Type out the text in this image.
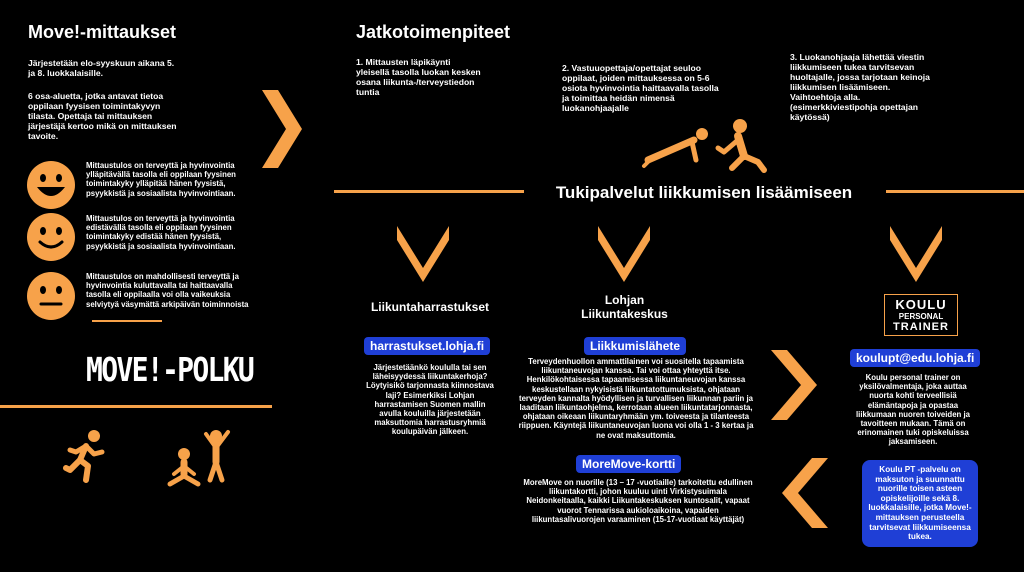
Move!-mittaukset
Järjestetään elo-syyskuun aikana 5. ja 8. luokkalaisille.
6 osa-aluetta, jotka antavat tietoa oppilaan fyysisen toimintakyvyn tilasta. Opettaja tai mittauksen järjestäjä kertoo mikä on mittauksen tavoite.
Mittaustulos on terveyttä ja hyvinvointia ylläpitävällä tasolla eli oppilaan fyysinen toimintakyky ylläpitää hänen fyysistä, psyykkistä ja sosiaalista hyvinvointiaan.
Mittaustulos on terveyttä ja hyvinvointia edistävällä tasolla eli oppilaan fyysinen toimintakyky edistää hänen fyysistä, psyykkistä ja sosiaalista hyvinvointiaan.
Mittaustulos on mahdollisesti terveyttä ja hyvinvointia kuluttavalla tai haittaavalla tasolla eli oppilaalla voi olla vaikeuksia selviytyä väsymättä arkipäivän toiminnoista
MOVE!-POLKU
Jatkotoimenpiteet
1. Mittausten läpikäynti yleisellä tasolla luokan kesken osana liikunta-/terveystiedon tuntia
2. Vastuuopettaja/opettajat seuloo oppilaat, joiden mittauksessa on 5-6 osiota hyvinvointia haittaavalla tasolla ja toimittaa heidän nimensä luokanohjaajalle
3. Luokanohjaaja lähettää viestin liikkumiseen tukea tarvitsevan huoltajalle, jossa tarjotaan keinoja liikkumisen lisäämiseen. Vaihtoehtoja alla. (esimerkkiviestipohja opettajan käytössä)
Tukipalvelut liikkumisen lisäämiseen
Liikuntaharrastukset
harrastukset.lohja.fi
Järjestetäänkö koululla tai sen läheisyydessä liikuntakerhoja? Löytyisikö tarjonnasta kiinnostava laji? Esimerkiksi Lohjan harrastamisen Suomen mallin avulla kouluilla järjestetään maksuttomia harrastusryhmiä koulupäivän jälkeen.
Lohjan Liikuntakeskus
Liikkumislähete
Terveydenhuollon ammattilainen voi suositella tapaamista liikuntaneuvojan kanssa. Tai voi ottaa yhteyttä itse. Henkilökohtaisessa tapaamisessa liikuntaneuvojan kanssa keskustellaan nykyisistä liikuntatottumuksista, ohjataan terveyden kannalta hyödyllisen ja turvallisen liikunnan pariin ja laaditaan liikuntaohjelma, kerrotaan alueen liikuntatarjonnasta, ohjataan oikeaan liikuntaryhmään ym. toiveesta ja tilanteesta riippuen. Käyntejä liikuntaneuvojan luona voi olla 1 - 3 kertaa ja ne ovat maksuttomia.
MoreMove-kortti
MoreMove on nuorille (13 – 17 -vuotiaille) tarkoitettu edullinen liikuntakortti, johon kuuluu uinti Virkistysuimala Neidonkeitaalla, kaikki Liikuntakeskuksen kuntosalit, vapaat vuorot Tennarissa aukioloaikoina, vapaiden liikuntasalivuorojen varaaminen (15-17-vuotiaat käyttäjät)
KOULU
PERSONAL
TRAINER
koulupt@edu.lohja.fi
Koulu personal trainer on yksilövalmentaja, joka auttaa nuorta kohti terveellisiä elämäntapoja ja opastaa liikkumaan nuoren toiveiden ja tavoitteen mukaan. Tämä on erinomainen tuki opiskeluissa jaksamiseen.
Koulu PT -palvelu on maksuton ja suunnattu nuorille toisen asteen opiskelijoille sekä 8. luokkalaisille, jotka Move!-mittauksen perusteella tarvitsevat liikkumiseensa tukea.
